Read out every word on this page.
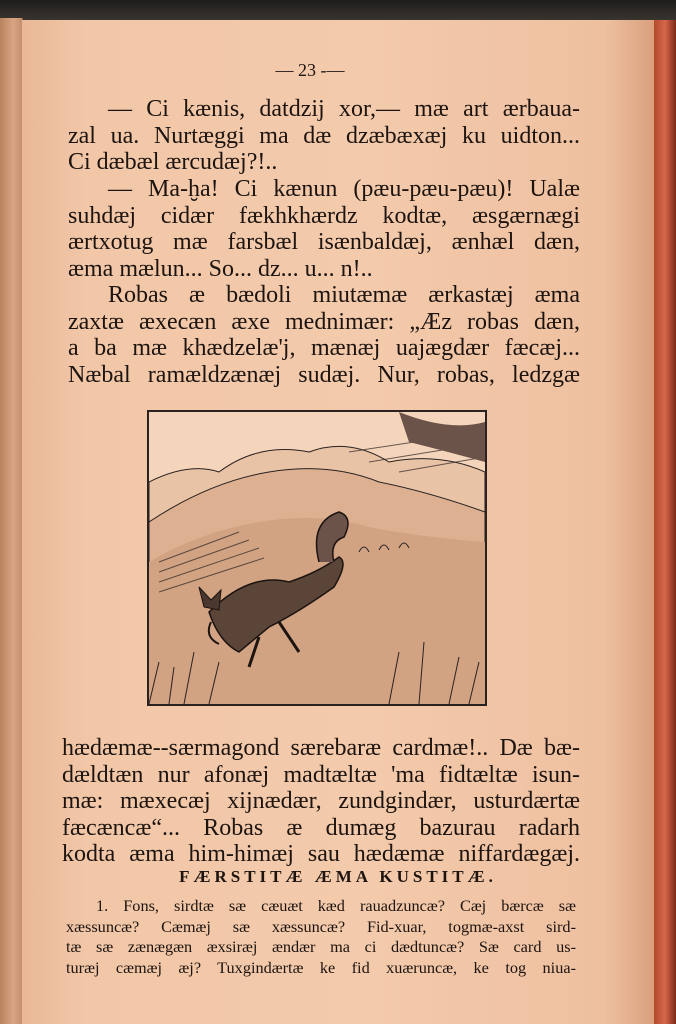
— 23 -—
— Ci kænis, datdzij xor,— mæ art ærbaua-
zal ua. Nurtæggi ma dæ dzæbæxæj ku uidton...
Ci dæbæl ærcudæj?!..
— Ma-ḫa! Ci kænun (pæu-pæu-pæu)! Ualæ
suhdæj cidær fækhkhærdz kodtæ, æsgærnægi
ærtxotug mæ farsbæl isænbaldæj, ænhæl dæn,
æma mælun... So... dz... u... n!..
Robas æ bædoli miutæmæ ærkastæj æma
zaxtæ æxecæn æxe mednimær: „Æz robas dæn,
a ba mæ khædzelæ'j, mænæj uajægdær fæcæj...
Næbal ramældzænæj sudæj. Nur, robas, ledzgæ
hædæmæ--særmagond særebaræ cardmæ!.. Dæ bæ-
dældtæn nur afonæj madtæltæ 'ma fidtæltæ isun-
mæ: mæxecæj xijnædær, zundgindær, usturdærtæ
fæcæncæ“... Robas æ dumæg bazurau radarh
kodta æma him-himæj sau hædæmæ niffardægæj.
FÆRSTITÆ ÆMA KUSTITÆ.
1. Fons, sirdtæ sæ cæuæt kæd rauadzuncæ? Cæj bærcæ sæ
xæssuncæ? Cæmæj sæ xæssuncæ? Fid-xuar, togmæ-axst sird-
tæ sæ zænægæn æxsiræj ændær ma ci dædtuncæ? Sæ card us-
turæj cæmæj æj? Tuxgindærtæ ke fid xuæruncæ, ke tog niua-
